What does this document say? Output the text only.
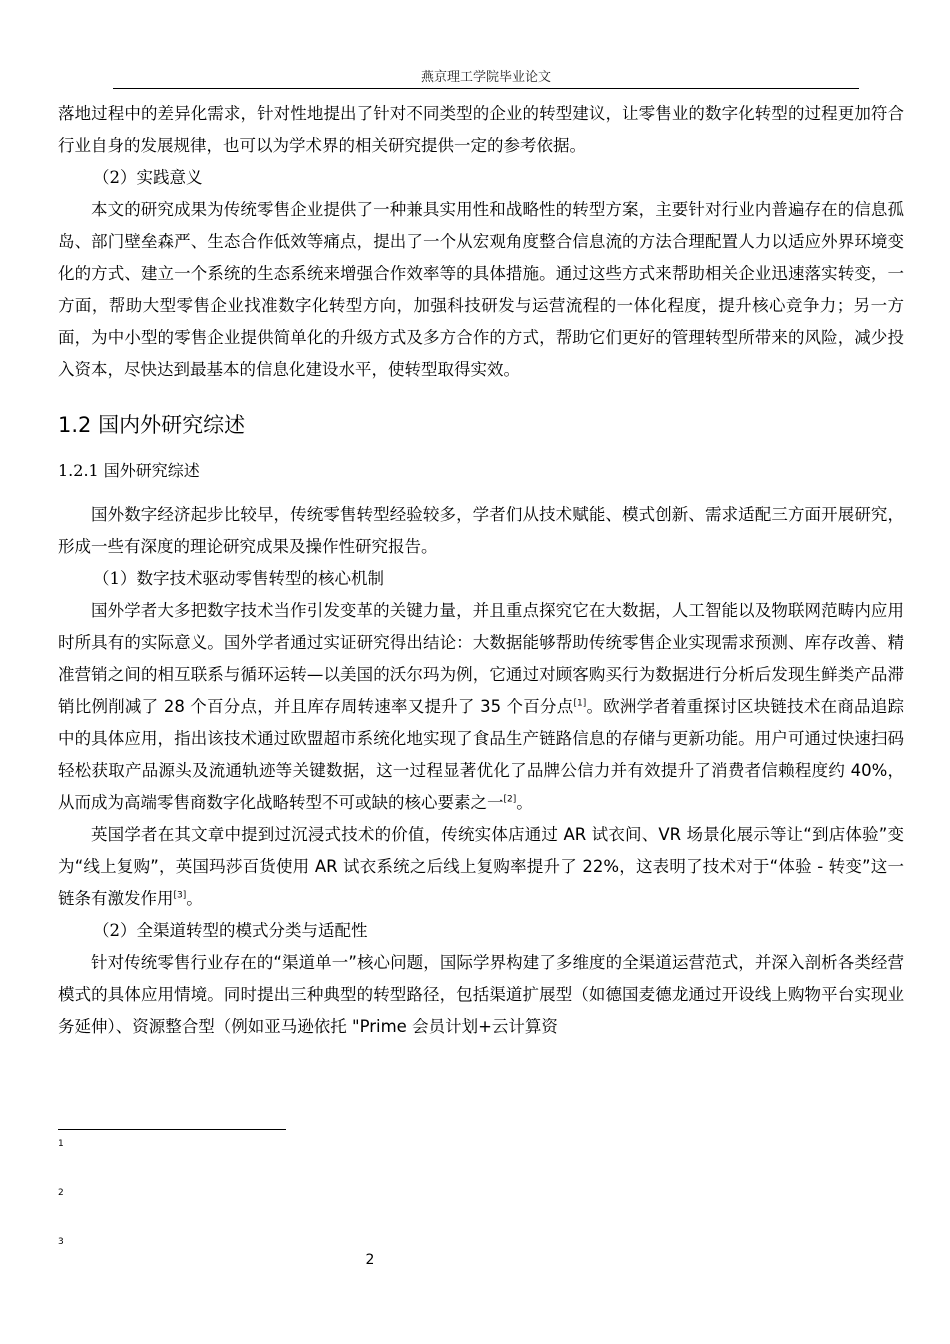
燕京理工学院毕业论文

落地过程中的差异化需求，针对性地提出了针对不同类型的企业的转型建议，让零售业的数字化转型的过程更加符合行业自身的发展规律，也可以为学术界的相关研究提供一定的参考依据。

（2）实践意义

本文的研究成果为传统零售企业提供了一种兼具实用性和战略性的转型方案，主要针对行业内普遍存在的信息孤岛、部门壁垒森严、生态合作低效等痛点，提出了一个从宏观角度整合信息流的方法合理配置人力以适应外界环境变化的方式、建立一个系统的生态系统来增强合作效率等的具体措施。通过这些方式来帮助相关企业迅速落实转变，一方面，帮助大型零售企业找准数字化转型方向，加强科技研发与运营流程的一体化程度，提升核心竞争力；另一方面，为中小型的零售企业提供简单化的升级方式及多方合作的方式，帮助它们更好的管理转型所带来的风险，减少投入资本，尽快达到最基本的信息化建设水平，使转型取得实效。

1.2 国内外研究综述
1.2.1 国外研究综述

国外数字经济起步比较早，传统零售转型经验较多，学者们从技术赋能、模式创新、需求适配三方面开展研究，形成一些有深度的理论研究成果及操作性研究报告。

（1）数字技术驱动零售转型的核心机制

国外学者大多把数字技术当作引发变革的关键力量，并且重点探究它在大数据，人工智能以及物联网范畴内应用时所具有的实际意义。国外学者通过实证研究得出结论：大数据能够帮助传统零售企业实现需求预测、库存改善、精准营销之间的相互联系与循环运转—以美国的沃尔玛为例，它通过对顾客购买行为数据进行分析后发现生鲜类产品滞销比例削减了 28 个百分点，并且库存周转速率又提升了 35 个百分点[1]。欧洲学者着重探讨区块链技术在商品追踪中的具体应用，指出该技术通过欧盟超市系统化地实现了食品生产链路信息的存储与更新功能。用户可通过快速扫码轻松获取产品源头及流通轨迹等关键数据，这一过程显著优化了品牌公信力并有效提升了消费者信赖程度约 40%，从而成为高端零售商数字化战略转型不可或缺的核心要素之一[2]。

英国学者在其文章中提到过沉浸式技术的价值，传统实体店通过 AR 试衣间、VR 场景化展示等让“到店体验”变为“线上复购”，英国玛莎百货使用 AR 试衣系统之后线上复购率提升了 22%，这表明了技术对于“体验 - 转变”这一链条有激发作用[3]。

（2）全渠道转型的模式分类与适配性

针对传统零售行业存在的“渠道单一”核心问题，国际学界构建了多维度的全渠道运营范式，并深入剖析各类经营模式的具体应用情境。同时提出三种典型的转型路径，包括渠道扩展型（如德国麦德龙通过开设线上购物平台实现业务延伸）、资源整合型（例如亚马逊依托 "Prime 会员计划+云计算资

1
2
3
2
